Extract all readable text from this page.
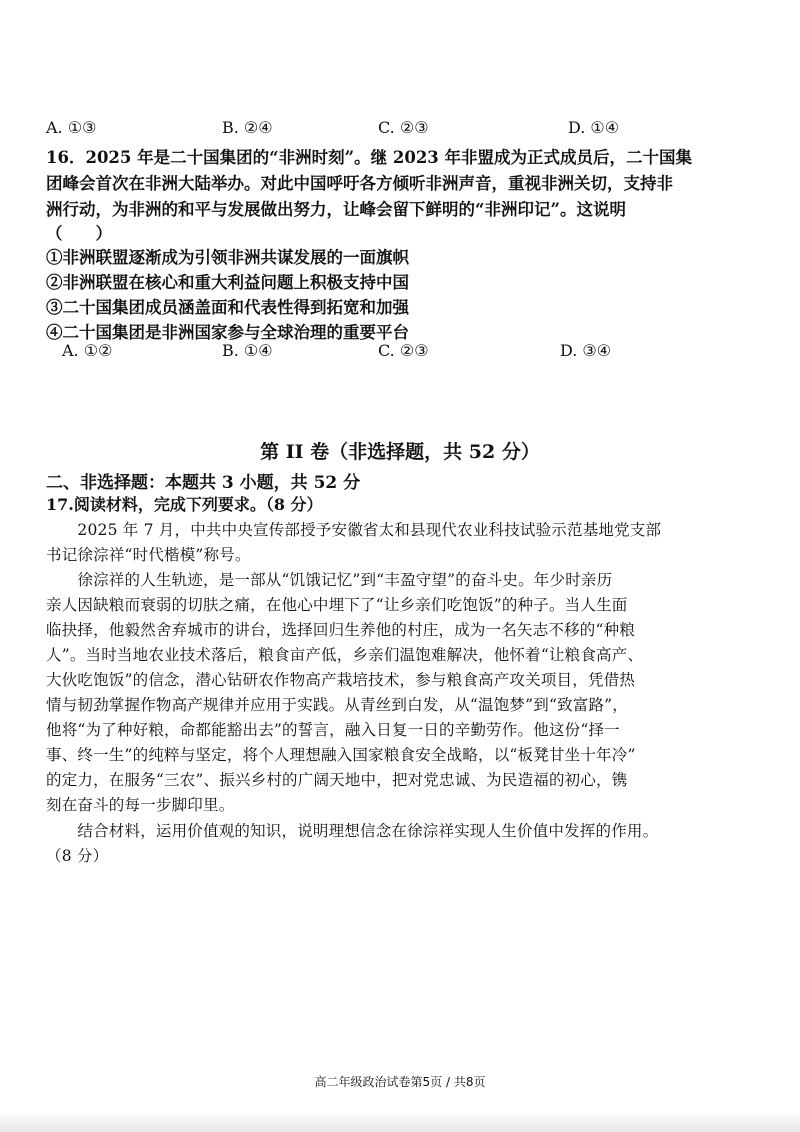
A. ①③	B. ②④	C. ②③	D. ①④
16．2025 年是二十国集团的“非洲时刻”。继 2023 年非盟成为正式成员后，二十国集
团峰会首次在非洲大陆举办。对此中国呼吁各方倾听非洲声音，重视非洲关切，支持非
洲行动，为非洲的和平与发展做出努力，让峰会留下鲜明的“非洲印记”。这说明
（　　）
①非洲联盟逐渐成为引领非洲共谋发展的一面旗帜
②非洲联盟在核心和重大利益问题上积极支持中国
③二十国集团成员涵盖面和代表性得到拓宽和加强
④二十国集团是非洲国家参与全球治理的重要平台
A. ①②	B. ①④	C. ②③	D. ③④
第 II 卷（非选择题，共 52 分）
二、非选择题：本题共 3 小题，共 52 分
17.阅读材料，完成下列要求。（8 分）
　　2025 年 7 月，中共中央宣传部授予安徽省太和县现代农业科技试验示范基地党支部
书记徐淙祥“时代楷模”称号。
　　徐淙祥的人生轨迹，是一部从“饥饿记忆”到“丰盈守望”的奋斗史。年少时亲历
亲人因缺粮而衰弱的切肤之痛，在他心中埋下了“让乡亲们吃饱饭”的种子。当人生面
临抉择，他毅然舍弃城市的讲台，选择回归生养他的村庄，成为一名矢志不移的“种粮
人”。当时当地农业技术落后，粮食亩产低，乡亲们温饱难解决，他怀着“让粮食高产、
大伙吃饱饭”的信念，潜心钻研农作物高产栽培技术，参与粮食高产攻关项目，凭借热
情与韧劲掌握作物高产规律并应用于实践。从青丝到白发，从“温饱梦”到“致富路”，
他将“为了种好粮，命都能豁出去”的誓言，融入日复一日的辛勤劳作。他这份“择一
事、终一生”的纯粹与坚定，将个人理想融入国家粮食安全战略，以“板凳甘坐十年冷”
的定力，在服务“三农”、振兴乡村的广阔天地中，把对党忠诚、为民造福的初心，镌
刻在奋斗的每一步脚印里。
　　结合材料，运用价值观的知识，说明理想信念在徐淙祥实现人生价值中发挥的作用。
（8 分）
高二年级政治试卷第5页 / 共8页
